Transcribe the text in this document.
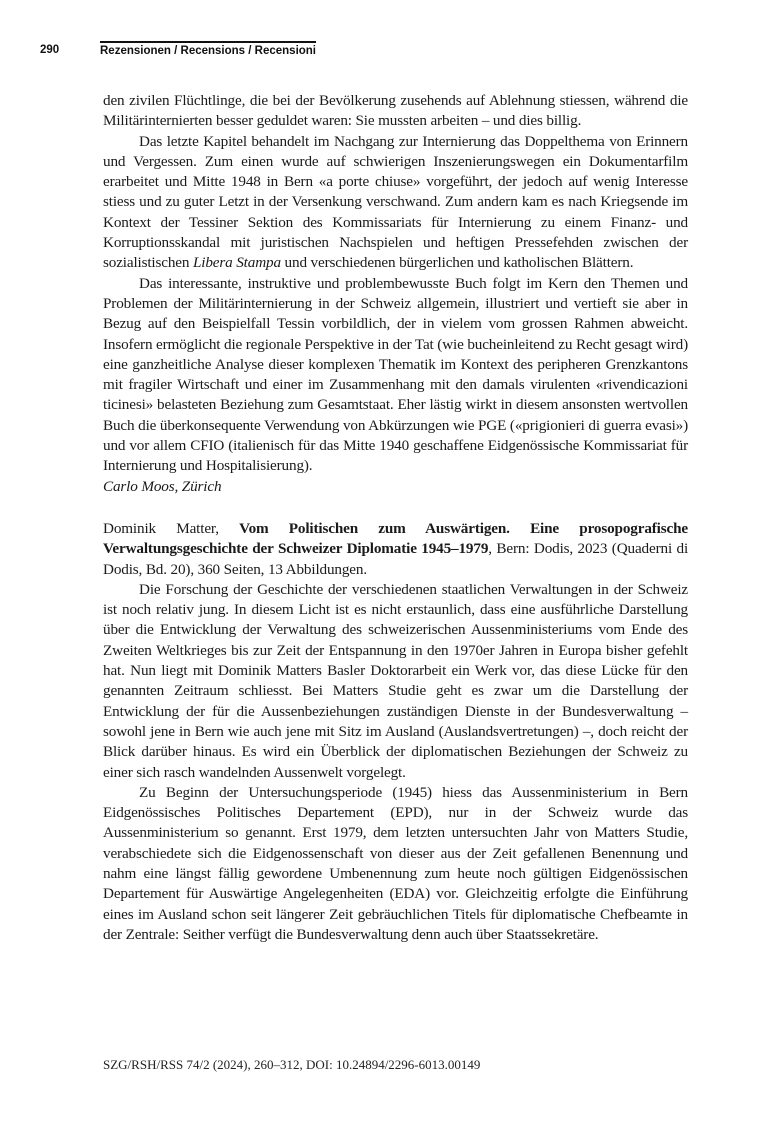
290	Rezensionen / Recensions / Recensioni

den zivilen Flüchtlinge, die bei der Bevölkerung zusehends auf Ablehnung stiessen, während die Militärinternierten besser geduldet waren: Sie mussten arbeiten – und dies billig.

Das letzte Kapitel behandelt im Nachgang zur Internierung das Doppelthema von Erinnern und Vergessen. Zum einen wurde auf schwierigen Inszenierungswegen ein Dokumentarfilm erarbeitet und Mitte 1948 in Bern «a porte chiuse» vorgeführt, der jedoch auf wenig Interesse stiess und zu guter Letzt in der Versenkung verschwand. Zum andern kam es nach Kriegsende im Kontext der Tessiner Sektion des Kommissariats für Internierung zu einem Finanz- und Korruptionsskandal mit juristischen Nachspielen und heftigen Pressefehden zwischen der sozialistischen Libera Stampa und verschiedenen bürgerlichen und katholischen Blättern.

Das interessante, instruktive und problembewusste Buch folgt im Kern den Themen und Problemen der Militärinternierung in der Schweiz allgemein, illustriert und vertieft sie aber in Bezug auf den Beispielfall Tessin vorbildlich, der in vielem vom grossen Rahmen abweicht. Insofern ermöglicht die regionale Perspektive in der Tat (wie bucheinleitend zu Recht gesagt wird) eine ganzheitliche Analyse dieser komplexen Thematik im Kontext des peripheren Grenzkantons mit fragiler Wirtschaft und einer im Zusammenhang mit den damals virulenten «rivendicazioni ticinesi» belasteten Beziehung zum Gesamtstaat. Eher lästig wirkt in diesem ansonsten wertvollen Buch die überkonsequente Verwendung von Abkürzungen wie PGE («prigionieri di guerra evasi») und vor allem CFIO (italienisch für das Mitte 1940 geschaffene Eidgenössische Kommissariat für Internierung und Hospitalisierung).

Carlo Moos, Zürich

Dominik Matter, Vom Politischen zum Auswärtigen. Eine prosopografische Verwaltungsgeschichte der Schweizer Diplomatie 1945–1979, Bern: Dodis, 2023 (Quaderni di Dodis, Bd. 20), 360 Seiten, 13 Abbildungen.

Die Forschung der Geschichte der verschiedenen staatlichen Verwaltungen in der Schweiz ist noch relativ jung. In diesem Licht ist es nicht erstaunlich, dass eine ausführliche Darstellung über die Entwicklung der Verwaltung des schweizerischen Aussenministeriums vom Ende des Zweiten Weltkrieges bis zur Zeit der Entspannung in den 1970er Jahren in Europa bisher gefehlt hat. Nun liegt mit Dominik Matters Basler Doktorarbeit ein Werk vor, das diese Lücke für den genannten Zeitraum schliesst. Bei Matters Studie geht es zwar um die Darstellung der Entwicklung der für die Aussenbeziehungen zuständigen Dienste in der Bundesverwaltung – sowohl jene in Bern wie auch jene mit Sitz im Ausland (Auslandsvertretungen) –, doch reicht der Blick darüber hinaus. Es wird ein Überblick der diplomatischen Beziehungen der Schweiz zu einer sich rasch wandelnden Aussenwelt vorgelegt.

Zu Beginn der Untersuchungsperiode (1945) hiess das Aussenministerium in Bern Eidgenössisches Politisches Departement (EPD), nur in der Schweiz wurde das Aussenministerium so genannt. Erst 1979, dem letzten untersuchten Jahr von Matters Studie, verabschiedete sich die Eidgenossenschaft von dieser aus der Zeit gefallenen Benennung und nahm eine längst fällig gewordene Umbenennung zum heute noch gültigen Eidgenössischen Departement für Auswärtige Angelegenheiten (EDA) vor. Gleichzeitig erfolgte die Einführung eines im Ausland schon seit längerer Zeit gebräuchlichen Titels für diplomatische Chefbeamte in der Zentrale: Seither verfügt die Bundesverwaltung denn auch über Staatssekretäre.

SZG/RSH/RSS 74/2 (2024), 260–312, DOI: 10.24894/2296-6013.00149
